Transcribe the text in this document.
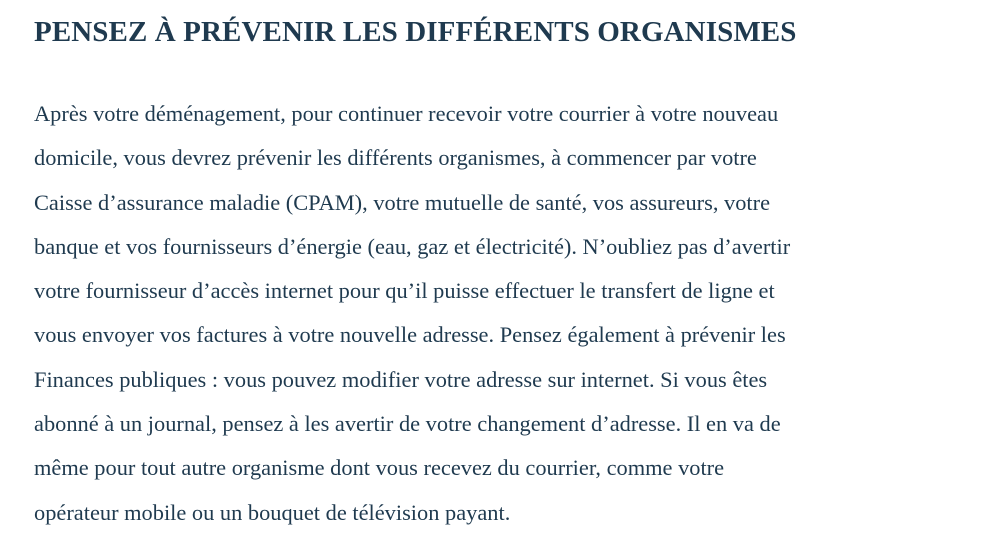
PENSEZ À PRÉVENIR LES DIFFÉRENTS ORGANISMES

Après votre déménagement, pour continuer recevoir votre courrier à votre nouveau
domicile, vous devrez prévenir les différents organismes, à commencer par votre
Caisse d’assurance maladie (CPAM), votre mutuelle de santé, vos assureurs, votre
banque et vos fournisseurs d’énergie (eau, gaz et électricité). N’oubliez pas d’avertir
votre fournisseur d’accès internet pour qu’il puisse effectuer le transfert de ligne et
vous envoyer vos factures à votre nouvelle adresse. Pensez également à prévenir les
Finances publiques : vous pouvez modifier votre adresse sur internet. Si vous êtes
abonné à un journal, pensez à les avertir de votre changement d’adresse. Il en va de
même pour tout autre organisme dont vous recevez du courrier, comme votre
opérateur mobile ou un bouquet de télévision payant.
